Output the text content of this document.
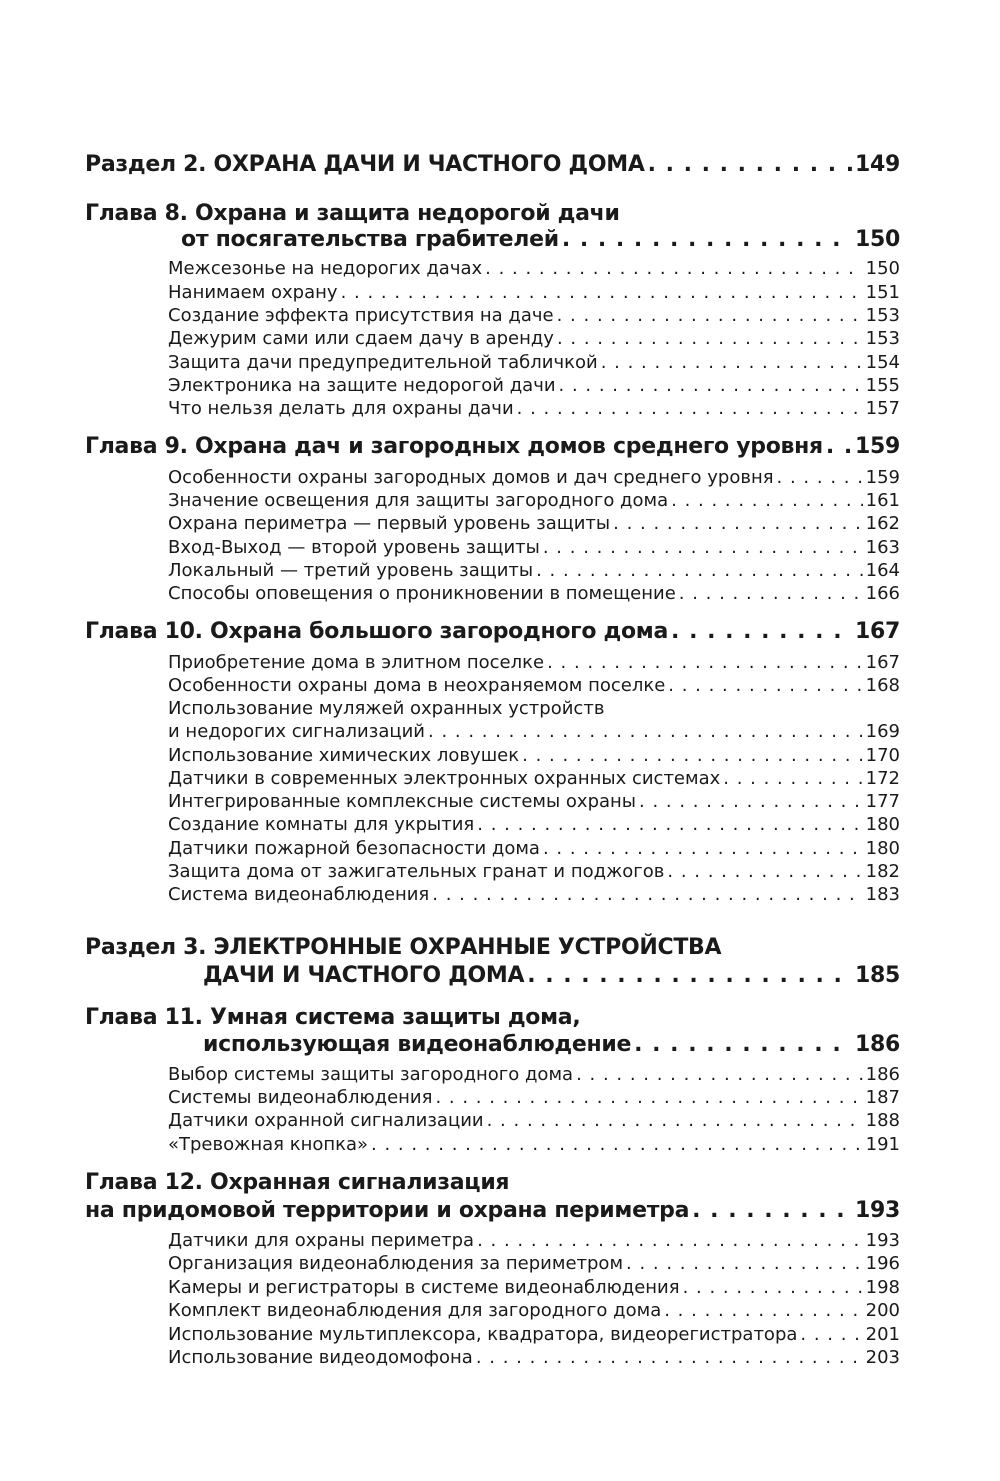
Раздел 2. ОХРАНА ДАЧИ И ЧАСТНОГО ДОМА . . .	149
Глава 8. Охрана и защита недорогой дачи
от посягательства грабителей . . .	150
Межсезонье на недорогих дачах . . .	150
Нанимаем охрану . . .	151
Создание эффекта присутствия на даче . . .	153
Дежурим сами или сдаем дачу в аренду . . .	153
Защита дачи предупредительной табличкой . . .	154
Электроника на защите недорогой дачи . . .	155
Что нельзя делать для охраны дачи . . .	157
Глава 9. Охрана дач и загородных домов среднего уровня . . . 159
Особенности охраны загородных домов и дач среднего уровня . . .	159
Значение освещения для защиты загородного дома . . .	161
Охрана периметра — первый уровень защиты . . .	162
Вход-Выход — второй уровень защиты . . .	163
Локальный — третий уровень защиты . . .	164
Способы оповещения о проникновении в помещение . . .	166
Глава 10. Охрана большого загородного дома . . .	167
Приобретение дома в элитном поселке . . .	167
Особенности охраны дома в неохраняемом поселке . . .	168
Использование муляжей охранных устройств
и недорогих сигнализаций . . .	169
Использование химических ловушек . . .	170
Датчики в современных электронных охранных системах . . .	172
Интегрированные комплексные системы охраны . . .	177
Создание комнаты для укрытия . . .	180
Датчики пожарной безопасности дома . . .	180
Защита дома от зажигательных гранат и поджогов . . .	182
Система видеонаблюдения . . .	183
Раздел 3. ЭЛЕКТРОННЫЕ ОХРАННЫЕ УСТРОЙСТВА
ДАЧИ И ЧАСТНОГО ДОМА . . .	185
Глава 11. Умная система защиты дома,
использующая видеонаблюдение . . .	186
Выбор системы защиты загородного дома . . .	186
Системы видеонаблюдения . . .	187
Датчики охранной сигнализации . . .	188
«Тревожная кнопка» . . .	191
Глава 12. Охранная сигнализация
на придомовой территории и охрана периметра . . .	193
Датчики для охраны периметра . . .	193
Организация видеонаблюдения за периметром . . .	196
Камеры и регистраторы в системе видеонаблюдения . . .	198
Комплект видеонаблюдения для загородного дома . . .	200
Использование мультиплексора, квадратора, видеорегистратора . . .	201
Использование видеодомофона . . .	203
